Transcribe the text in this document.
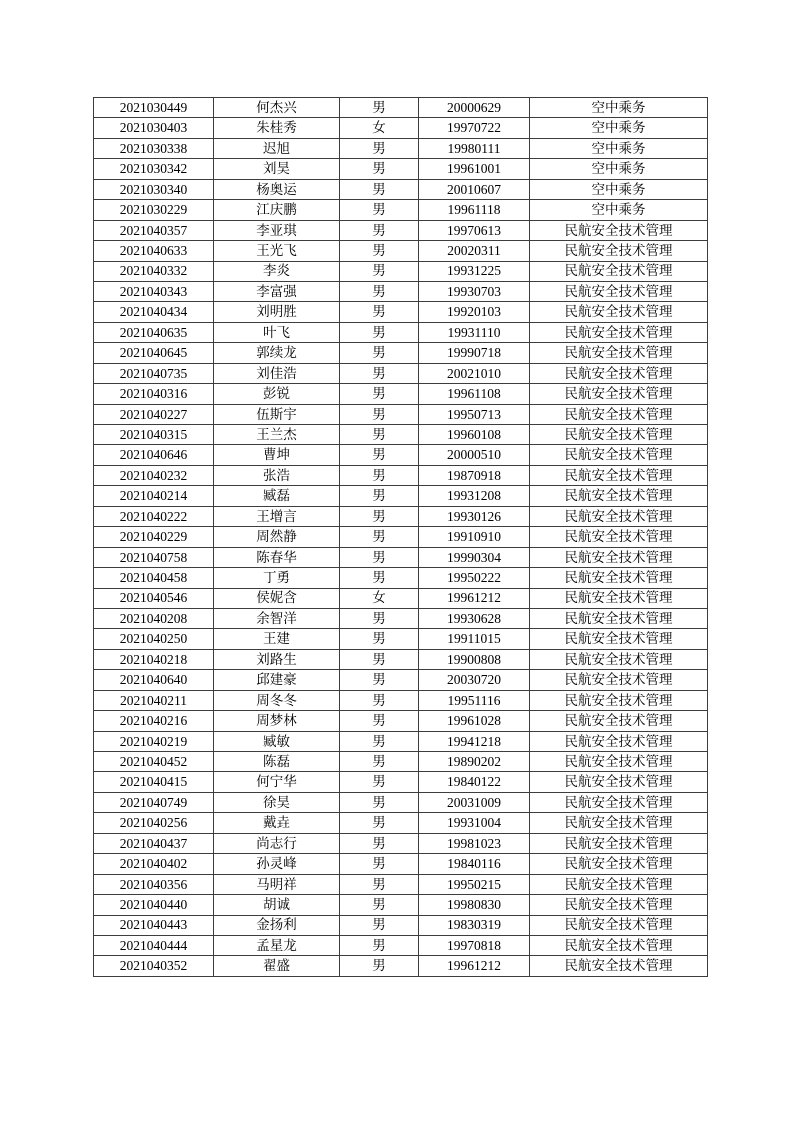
2021030449	何杰兴	男	20000629	空中乘务
2021030403	朱桂秀	女	19970722	空中乘务
2021030338	迟旭	男	19980111	空中乘务
2021030342	刘昊	男	19961001	空中乘务
2021030340	杨奥运	男	20010607	空中乘务
2021030229	江庆鹏	男	19961118	空中乘务
2021040357	李亚琪	男	19970613	民航安全技术管理
2021040633	王光飞	男	20020311	民航安全技术管理
2021040332	李炎	男	19931225	民航安全技术管理
2021040343	李富强	男	19930703	民航安全技术管理
2021040434	刘明胜	男	19920103	民航安全技术管理
2021040635	叶飞	男	19931110	民航安全技术管理
2021040645	郭续龙	男	19990718	民航安全技术管理
2021040735	刘佳浩	男	20021010	民航安全技术管理
2021040316	彭锐	男	19961108	民航安全技术管理
2021040227	伍斯宇	男	19950713	民航安全技术管理
2021040315	王兰杰	男	19960108	民航安全技术管理
2021040646	曹坤	男	20000510	民航安全技术管理
2021040232	张浩	男	19870918	民航安全技术管理
2021040214	臧磊	男	19931208	民航安全技术管理
2021040222	王增言	男	19930126	民航安全技术管理
2021040229	周然静	男	19910910	民航安全技术管理
2021040758	陈春华	男	19990304	民航安全技术管理
2021040458	丁勇	男	19950222	民航安全技术管理
2021040546	侯妮含	女	19961212	民航安全技术管理
2021040208	余智洋	男	19930628	民航安全技术管理
2021040250	王建	男	19911015	民航安全技术管理
2021040218	刘路生	男	19900808	民航安全技术管理
2021040640	邱建豪	男	20030720	民航安全技术管理
2021040211	周冬冬	男	19951116	民航安全技术管理
2021040216	周梦林	男	19961028	民航安全技术管理
2021040219	臧敏	男	19941218	民航安全技术管理
2021040452	陈磊	男	19890202	民航安全技术管理
2021040415	何宁华	男	19840122	民航安全技术管理
2021040749	徐昊	男	20031009	民航安全技术管理
2021040256	戴垚	男	19931004	民航安全技术管理
2021040437	尚志行	男	19981023	民航安全技术管理
2021040402	孙灵峰	男	19840116	民航安全技术管理
2021040356	马明祥	男	19950215	民航安全技术管理
2021040440	胡诚	男	19980830	民航安全技术管理
2021040443	金扬利	男	19830319	民航安全技术管理
2021040444	孟星龙	男	19970818	民航安全技术管理
2021040352	翟盛	男	19961212	民航安全技术管理
